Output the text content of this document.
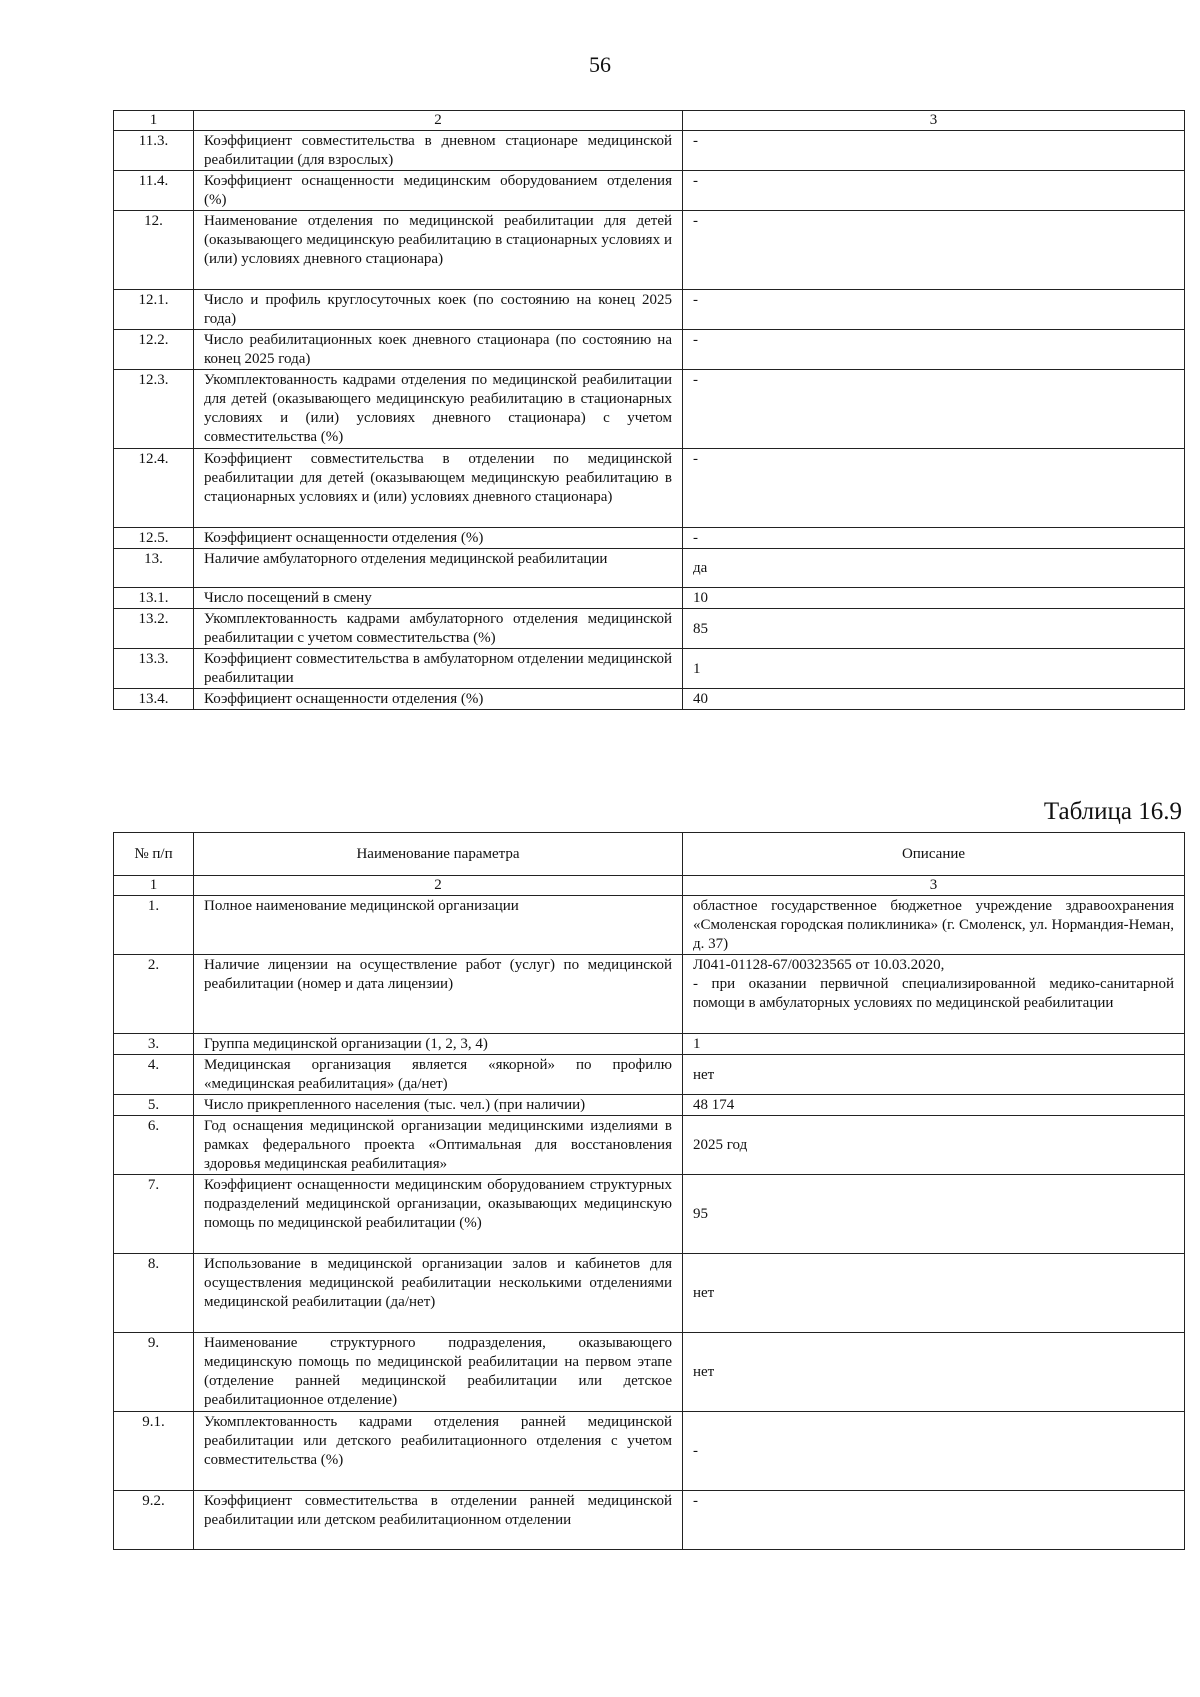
56
1	2	3
11.3.	Коэффициент совместительства в дневном стационаре медицинской реабилитации (для взрослых)	-
11.4.	Коэффициент оснащенности медицинским оборудованием отделения (%)	-
12.	Наименование отделения по медицинской реабилитации для детей (оказывающего медицинскую реабилитацию в стационарных условиях и (или) условиях дневного стационара)	-
12.1.	Число и профиль круглосуточных коек (по состоянию на конец 2025 года)	-
12.2.	Число реабилитационных коек дневного стационара (по состоянию на конец 2025 года)	-
12.3.	Укомплектованность кадрами отделения по медицинской реабилитации для детей (оказывающего медицинскую реабилитацию в стационарных условиях и (или) условиях дневного стационара) с учетом совместительства (%)	-
12.4.	Коэффициент совместительства в отделении по медицинской реабилитации для детей (оказывающем медицинскую реабилитацию в стационарных условиях и (или) условиях дневного стационара)	-
12.5.	Коэффициент оснащенности отделения (%)	-
13.	Наличие амбулаторного отделения медицинской реабилитации	да
13.1.	Число посещений в смену	10
13.2.	Укомплектованность кадрами амбулаторного отделения медицинской реабилитации с учетом совместительства (%)	85
13.3.	Коэффициент совместительства в амбулаторном отделении медицинской реабилитации	1
13.4.	Коэффициент оснащенности отделения (%)	40
Таблица 16.9
№ п/п	Наименование параметра	Описание
1	2	3
1.	Полное наименование медицинской организации	областное государственное бюджетное учреждение здравоохранения «Смоленская городская поликлиника» (г. Смоленск, ул. Нормандия-Неман, д. 37)
2.	Наличие лицензии на осуществление работ (услуг) по медицинской реабилитации (номер и дата лицензии)	Л041-01128-67/00323565 от 10.03.2020,
- при оказании первичной специализированной медико-санитарной помощи в амбулаторных условиях по медицинской реабилитации

3.	Группа медицинской организации (1, 2, 3, 4)	1
4.	Медицинская организация является «якорной» по профилю «медицинская реабилитация» (да/нет)	нет
5.	Число прикрепленного населения (тыс. чел.) (при наличии)	48 174
6.	Год оснащения медицинской организации медицинскими изделиями в рамках федерального проекта «Оптимальная для восстановления здоровья медицинская реабилитация»	2025 год
7.	Коэффициент оснащенности медицинским оборудованием структурных подразделений медицинской организации, оказывающих медицинскую помощь по медицинской реабилитации (%)	95
8.	Использование в медицинской организации залов и кабинетов для осуществления медицинской реабилитации несколькими отделениями медицинской реабилитации (да/нет)	нет
9.	Наименование структурного подразделения, оказывающего медицинскую помощь по медицинской реабилитации на первом этапе (отделение ранней медицинской реабилитации или детское реабилитационное отделение)	нет
9.1.	Укомплектованность кадрами отделения ранней медицинской реабилитации или детского реабилитационного отделения с учетом совместительства (%)	-
9.2.	Коэффициент совместительства в отделении ранней медицинской реабилитации или детском реабилитационном отделении	-
